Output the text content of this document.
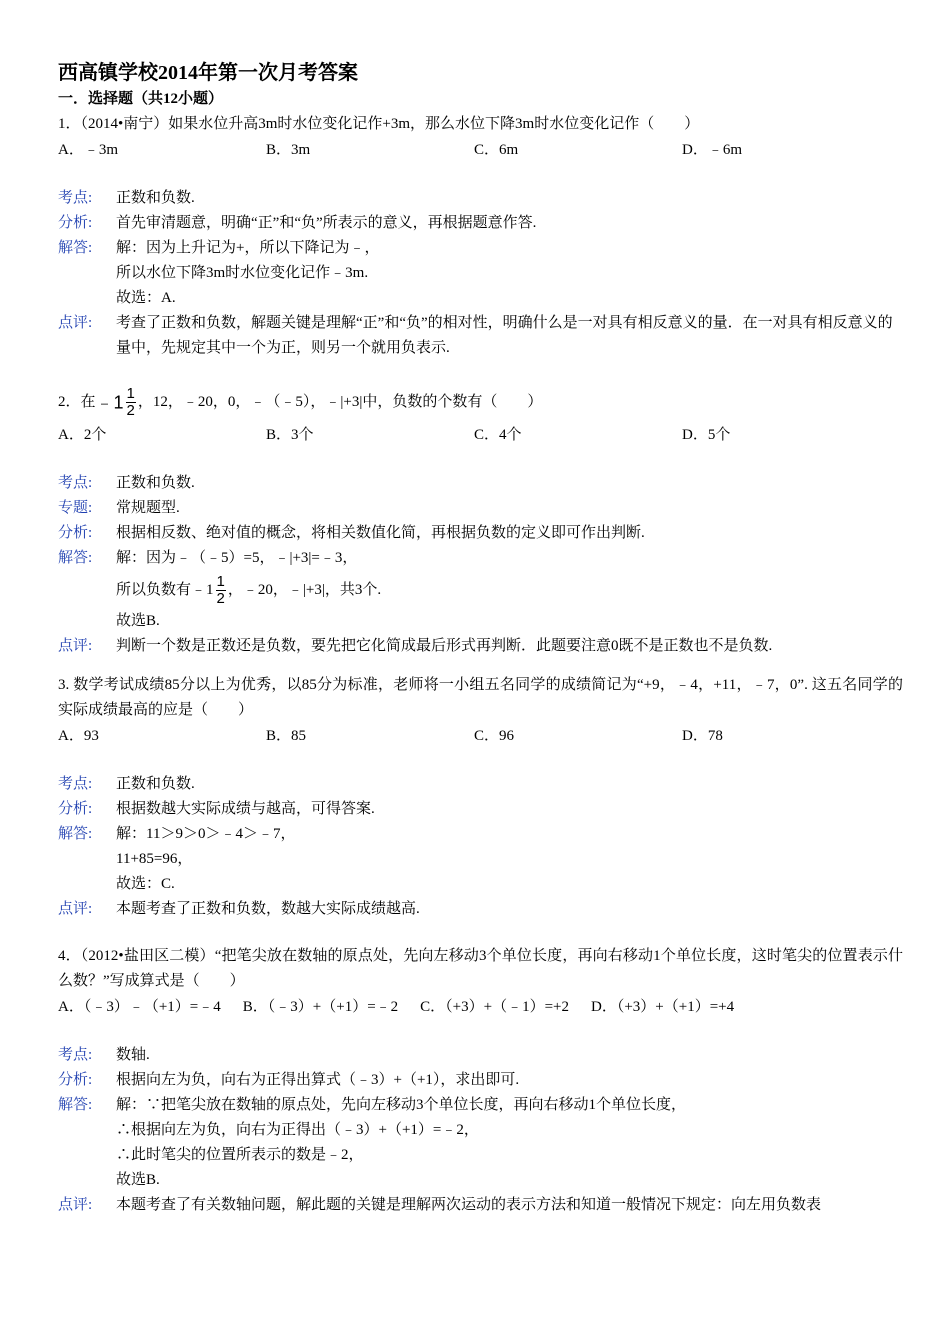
西高镇学校2014年第一次月考答案

一．选择题（共12小题）

1．（2014•南宁）如果水位升高3m时水位变化记作+3m，那么水位下降3m时水位变化记作（　　）

A．﹣3m	B．3m	C．6m	D．﹣6m
考点:	正数和负数.
分析:	首先审清题意，明确“正”和“负”所表示的意义，再根据题意作答.
解答:	解：因为上升记为+，所以下降记为﹣，
所以水位下降3m时水位变化记作﹣3m.
故选：A.
点评:	考查了正数和负数，解题关键是理解“正”和“负”的相对性，明确什么是一对具有相反意义的量．在一对具有相反意义的量中，先规定其中一个为正，则另一个就用负表示.

2．在﹣1 $\frac{1}{2}$ ，12，﹣20，0，﹣（﹣5），﹣|+3|中，负数的个数有（　　）

A．2个	B．3个	C．4个	D．5个
考点:	正数和负数.
专题:	常规题型.
分析:	根据相反数、绝对值的概念，将相关数值化简，再根据负数的定义即可作出判断.
解答:	解：因为﹣（﹣5）=5，﹣|+3|=﹣3，
所以负数有﹣1 $\frac{1}{2}$ ，﹣20，﹣|+3|，共3个.
故选B.
点评:	判断一个数是正数还是负数，要先把它化简成最后形式再判断．此题要注意0既不是正数也不是负数.

3. 数学考试成绩85分以上为优秀，以85分为标准，老师将一小组五名同学的成绩简记为“+9，﹣4，+11，﹣7，0”. 这五名同学的实际成绩最高的应是（　　）

A．93	B．85	C．96	D．78
考点:	正数和负数.
分析:	根据数越大实际成绩与越高，可得答案.
解答:	解：11＞9＞0＞﹣4＞﹣7，
11+85=96，
故选：C.
点评:	本题考查了正数和负数，数越大实际成绩越高.

4．（2012•盐田区二模）“把笔尖放在数轴的原点处，先向左移动3个单位长度，再向右移动1个单位长度，这时笔尖的位置表示什么数？”写成算式是（　　）

A．（﹣3）﹣（+1）=﹣4 B．（﹣3）+（+1）=﹣2 C．（+3）+（﹣1）=+2 D．（+3）+（+1）=+4
考点:	数轴.
分析:	根据向左为负，向右为正得出算式（﹣3）+（+1），求出即可.
解答:	解：∵把笔尖放在数轴的原点处，先向左移动3个单位长度，再向右移动1个单位长度，
∴根据向左为负，向右为正得出（﹣3）+（+1）=﹣2，
∴此时笔尖的位置所表示的数是﹣2，
故选B.
点评:	本题考查了有关数轴问题，解此题的关键是理解两次运动的表示方法和知道一般情况下规定：向左用负数表
